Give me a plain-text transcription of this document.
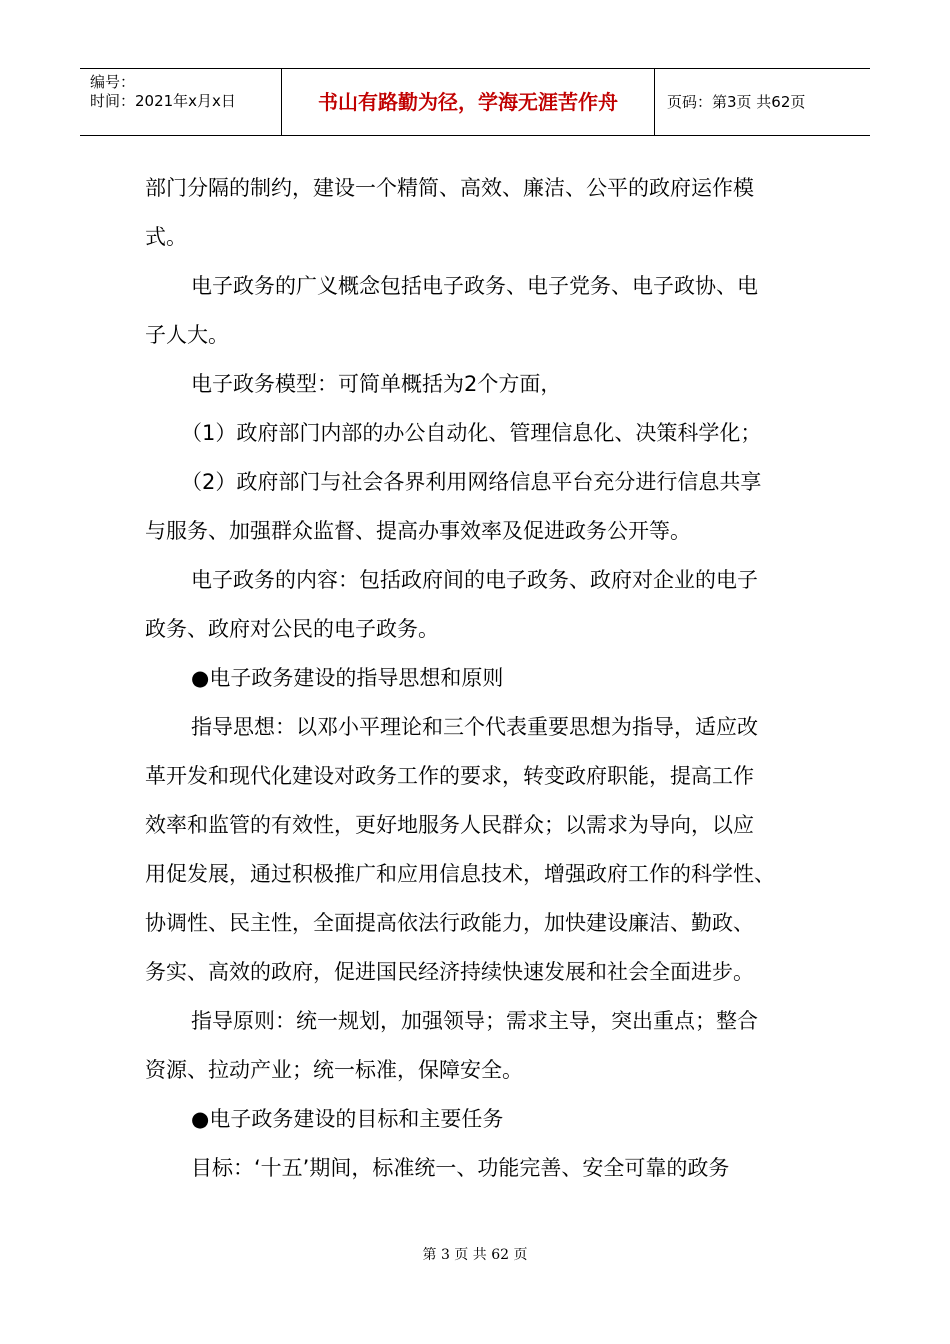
编号：
时间：2021年x月x日	书山有路勤为径，学海无涯苦作舟	页码：第3页 共62页

部门分隔的制约，建设一个精简、高效、廉洁、公平的政府运作模

式。

电子政务的广义概念包括电子政务、电子党务、电子政协、电

子人大。

电子政务模型：可简单概括为2个方面，

（1）政府部门内部的办公自动化、管理信息化、决策科学化；

（2）政府部门与社会各界利用网络信息平台充分进行信息共享

与服务、加强群众监督、提高办事效率及促进政务公开等。

电子政务的内容：包括政府间的电子政务、政府对企业的电子

政务、政府对公民的电子政务。

●电子政务建设的指导思想和原则

指导思想：以邓小平理论和三个代表重要思想为指导，适应改

革开发和现代化建设对政务工作的要求，转变政府职能，提高工作

效率和监管的有效性，更好地服务人民群众；以需求为导向，以应

用促发展，通过积极推广和应用信息技术，增强政府工作的科学性、

协调性、民主性，全面提高依法行政能力，加快建设廉洁、勤政、

务实、高效的政府，促进国民经济持续快速发展和社会全面进步。

指导原则：统一规划，加强领导；需求主导，突出重点；整合

资源、拉动产业；统一标准，保障安全。

●电子政务建设的目标和主要任务

目标：‘十五’期间，标准统一、功能完善、安全可靠的政务

第 3 页 共 62 页
